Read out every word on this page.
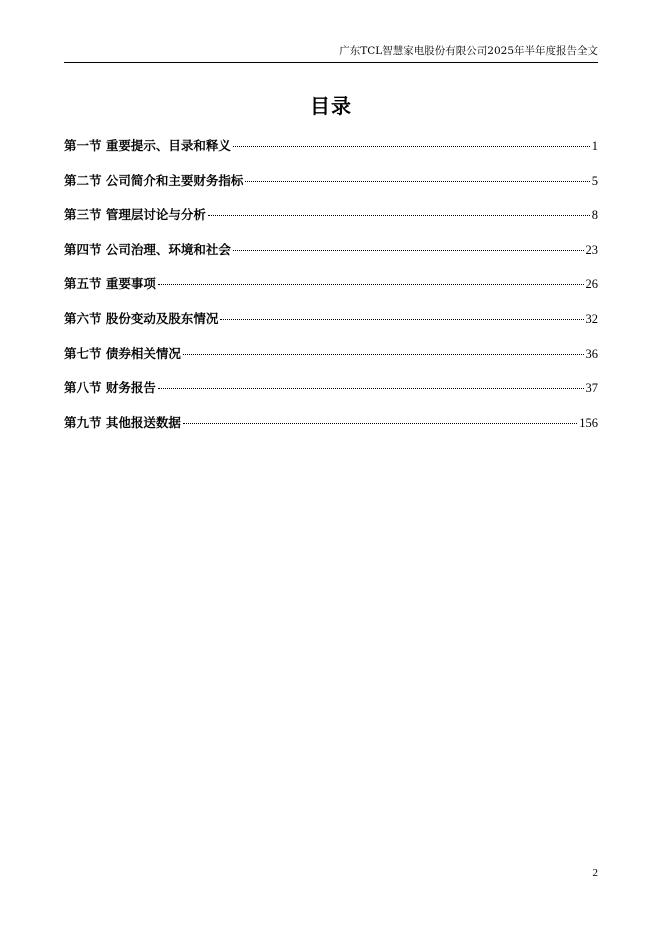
广东TCL智慧家电股份有限公司2025年半年度报告全文
目录
第一节 重要提示、目录和释义	1
第二节 公司简介和主要财务指标	5
第三节 管理层讨论与分析	8
第四节 公司治理、环境和社会	23
第五节 重要事项	26
第六节 股份变动及股东情况	32
第七节 债券相关情况	36
第八节 财务报告	37
第九节 其他报送数据	156
2
